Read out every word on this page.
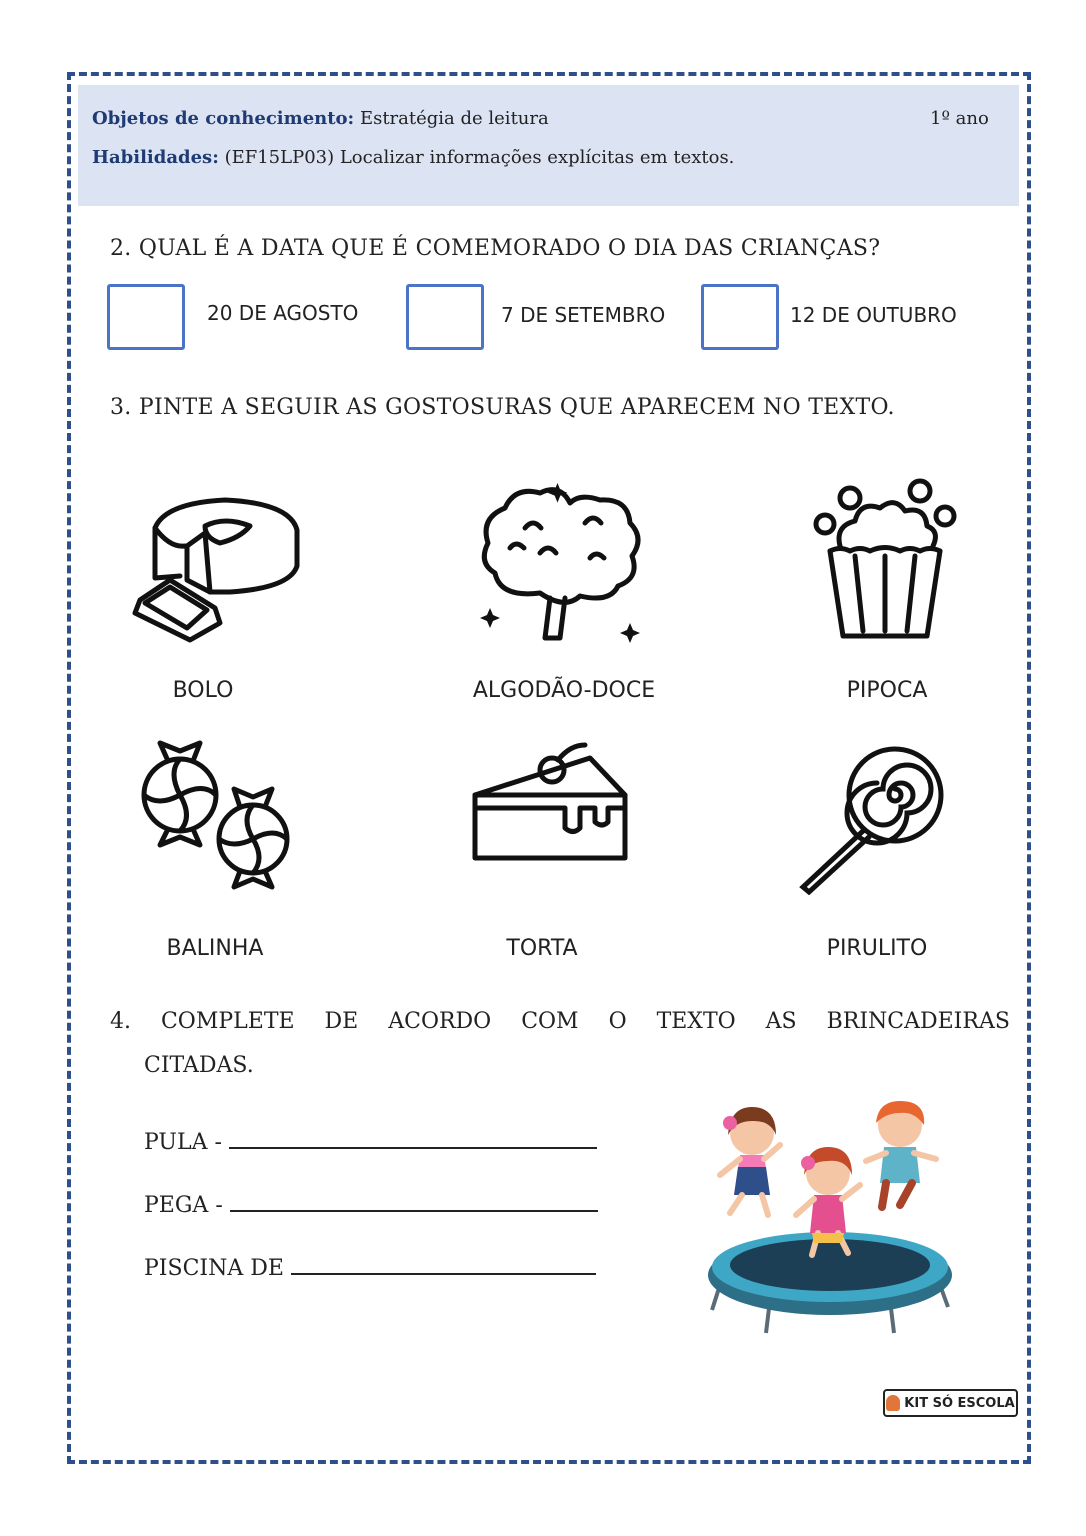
Objetos de conhecimento: Estratégia de leitura	1º ano
Habilidades: (EF15LP03) Localizar informações explícitas em textos.
2. QUAL É A DATA QUE É COMEMORADO O DIA DAS CRIANÇAS?
20 DE AGOSTO	7 DE SETEMBRO	12 DE OUTUBRO
3. PINTE A SEGUIR AS GOSTOSURAS QUE APARECEM NO TEXTO.
BOLO	ALGODÃO-DOCE	PIPOCA
BALINHA	TORTA	PIRULITO
4. COMPLETE DE ACORDO COM O TEXTO AS BRINCADEIRAS
CITADAS.
PULA -
PEGA -
PISCINA DE
KIT SÓ ESCOLA
